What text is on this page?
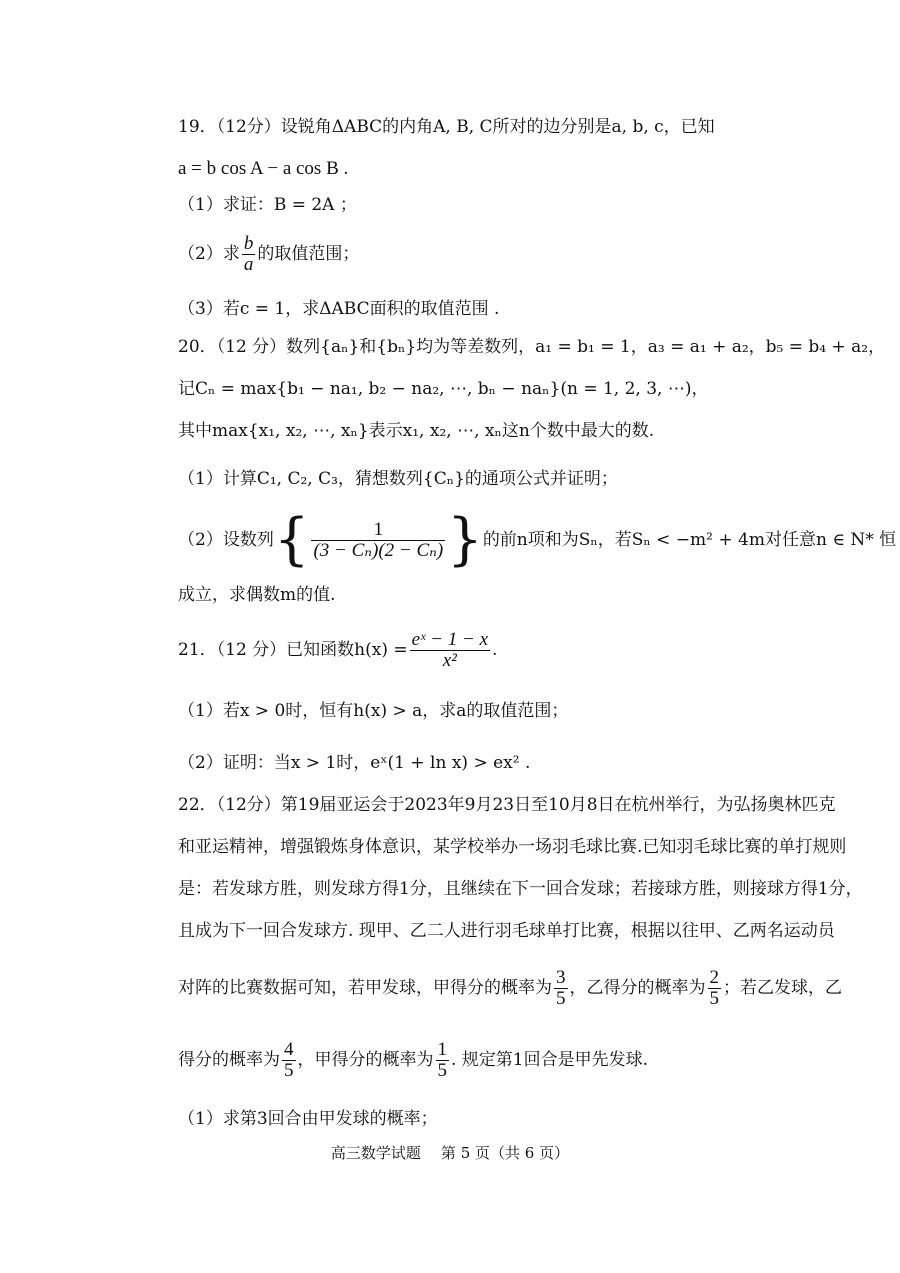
19．（12分）设锐角ΔABC的内角A, B, C所对的边分别是a, b, c，已知
a = b cos A − a cos B .
（1）求证：B = 2A ；
（2）求 $\frac{b}{a}$ 的取值范围；
（3）若c = 1，求ΔABC面积的取值范围 .
20．（12 分）数列{aₙ}和{bₙ}均为等差数列，a₁ = b₁ = 1，a₃ = a₁ + a₂，b₅ = b₄ + a₂，
记Cₙ = max{b₁ − na₁, b₂ − na₂, ⋯, bₙ − naₙ}(n = 1, 2, 3, ⋯)，
其中max{x₁, x₂, ⋯, xₙ}表示x₁, x₂, ⋯, xₙ这n个数中最大的数.
（1）计算C₁, C₂, C₃，猜想数列{Cₙ}的通项公式并证明；
（2）设数列{ $\frac{1}{\text{(3 − Cₙ)(2 − Cₙ)}}$ }的前n项和为Sₙ，若Sₙ < −m² + 4m对任意n ∈ N* 恒
成立，求偶数m的值.
21．（12 分）已知函数$h(x) = \frac{\text{eˣ − 1 − x}}{\text{x²}}$ .
（1）若x > 0时，恒有h(x) > a，求a的取值范围；
（2）证明：当x > 1时，eˣ(1 + ln x) > ex² .
22．（12分）第19届亚运会于2023年9月23日至10月8日在杭州举行，为弘扬奥林匹克
和亚运精神，增强锻炼身体意识，某学校举办一场羽毛球比赛.已知羽毛球比赛的单打规则
是：若发球方胜，则发球方得1分，且继续在下一回合发球；若接球方胜，则接球方得1分，
且成为下一回合发球方. 现甲、乙二人进行羽毛球单打比赛，根据以往甲、乙两名运动员
对阵的比赛数据可知，若甲发球，甲得分的概率为 $\frac{3}{5}$ ，乙得分的概率为 $\frac{2}{5}$ ；若乙发球，乙
得分的概率为 $\frac{4}{5}$ ，甲得分的概率为 $\frac{1}{5}$ . 规定第1回合是甲先发球.
（1）求第3回合由甲发球的概率；
高三数学试题 第 5 页（共 6 页）
